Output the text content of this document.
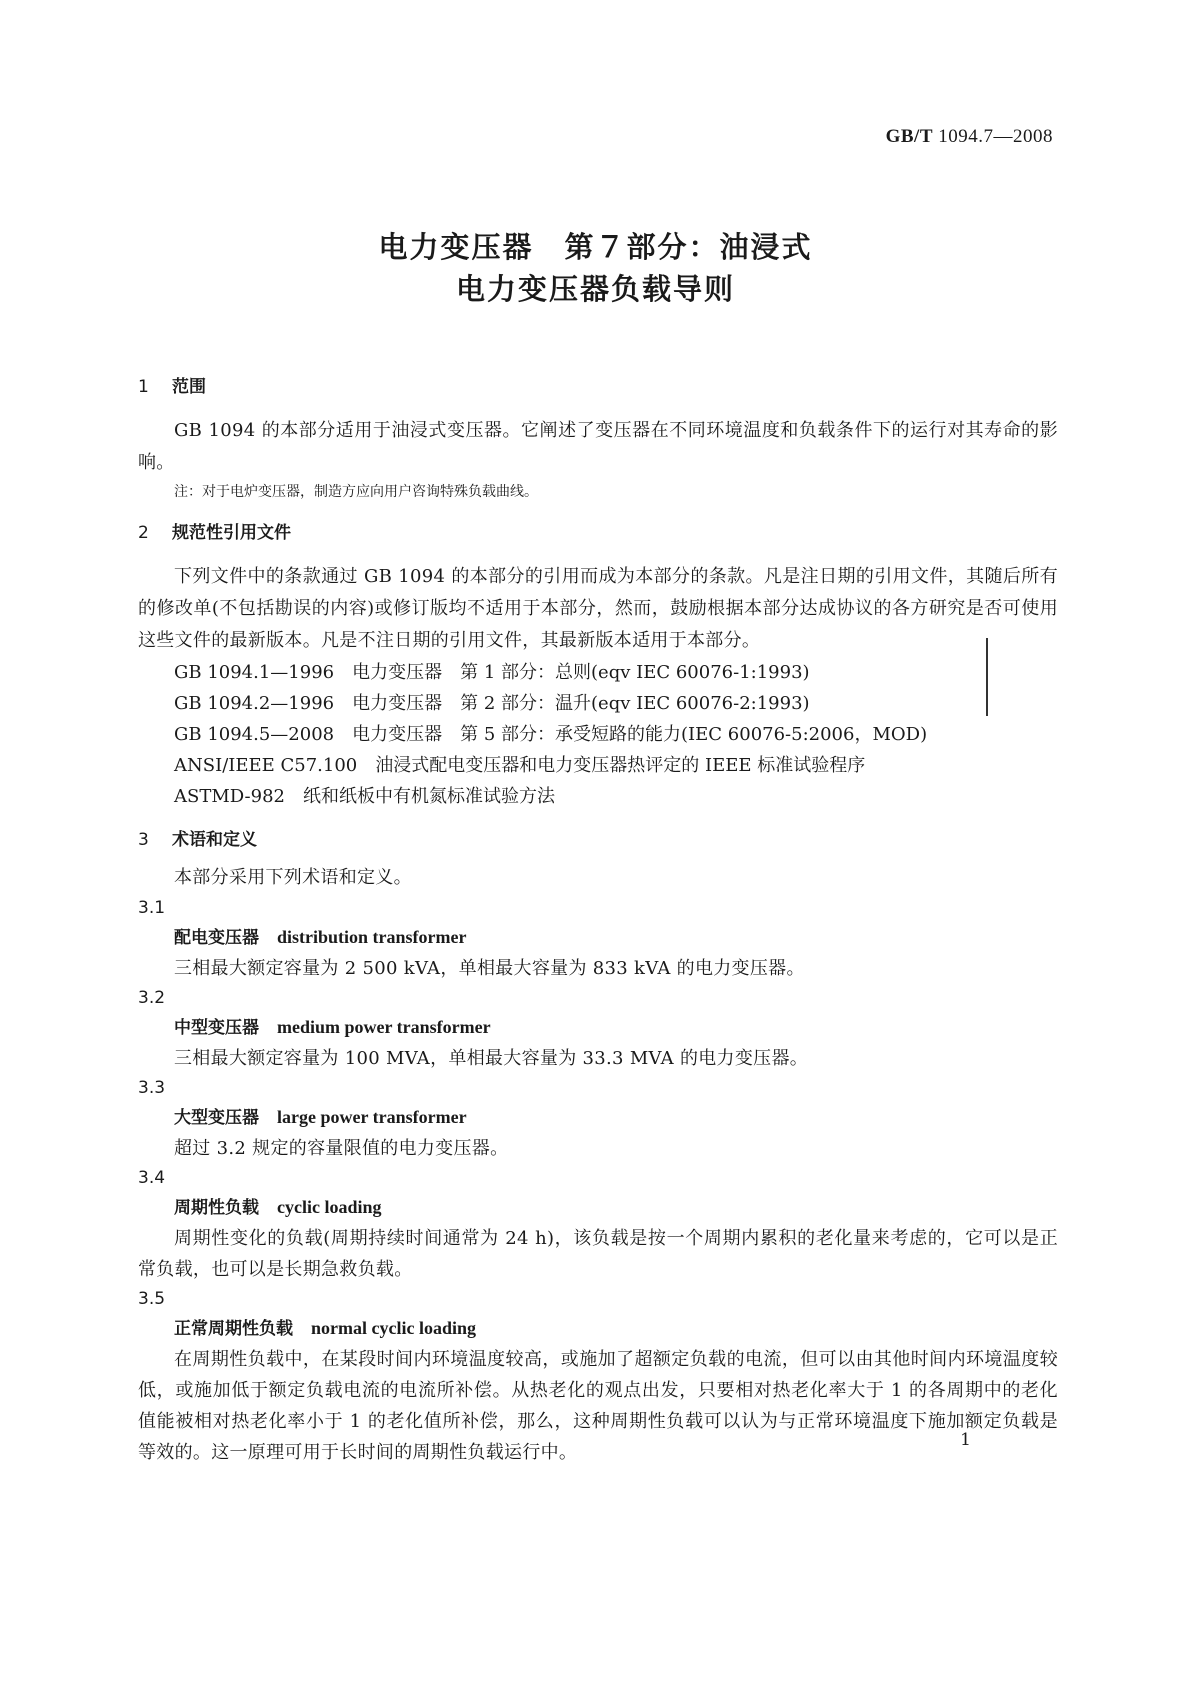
GB/T 1094.7—2008
电力变压器　第７部分：油浸式
电力变压器负载导则
1 范围
GB 1094 的本部分适用于油浸式变压器。它阐述了变压器在不同环境温度和负载条件下的运行对其寿命的影响。
注：对于电炉变压器，制造方应向用户咨询特殊负载曲线。
2 规范性引用文件
下列文件中的条款通过 GB 1094 的本部分的引用而成为本部分的条款。凡是注日期的引用文件，其随后所有的修改单(不包括勘误的内容)或修订版均不适用于本部分，然而，鼓励根据本部分达成协议的各方研究是否可使用这些文件的最新版本。凡是不注日期的引用文件，其最新版本适用于本部分。
GB 1094.1—1996 电力变压器　第 1 部分：总则(eqv IEC 60076-1:1993)
GB 1094.2—1996 电力变压器　第 2 部分：温升(eqv IEC 60076-2:1993)
GB 1094.5—2008 电力变压器　第 5 部分：承受短路的能力(IEC 60076-5:2006，MOD)
ANSI/IEEE C57.100 油浸式配电变压器和电力变压器热评定的 IEEE 标准试验程序
ASTMD-982 纸和纸板中有机氮标准试验方法
3 术语和定义
本部分采用下列术语和定义。
3.1
配电变压器 distribution transformer
三相最大额定容量为 2 500 kVA，单相最大容量为 833 kVA 的电力变压器。
3.2
中型变压器 medium power transformer
三相最大额定容量为 100 MVA，单相最大容量为 33.3 MVA 的电力变压器。
3.3
大型变压器 large power transformer
超过 3.2 规定的容量限值的电力变压器。
3.4
周期性负载 cyclic loading
周期性变化的负载(周期持续时间通常为 24 h)，该负载是按一个周期内累积的老化量来考虑的，它可以是正常负载，也可以是长期急救负载。
3.5
正常周期性负载 normal cyclic loading
在周期性负载中，在某段时间内环境温度较高，或施加了超额定负载的电流，但可以由其他时间内环境温度较低，或施加低于额定负载电流的电流所补偿。从热老化的观点出发，只要相对热老化率大于 1 的各周期中的老化值能被相对热老化率小于 1 的老化值所补偿，那么，这种周期性负载可以认为与正常环境温度下施加额定负载是等效的。这一原理可用于长时间的周期性负载运行中。
1
